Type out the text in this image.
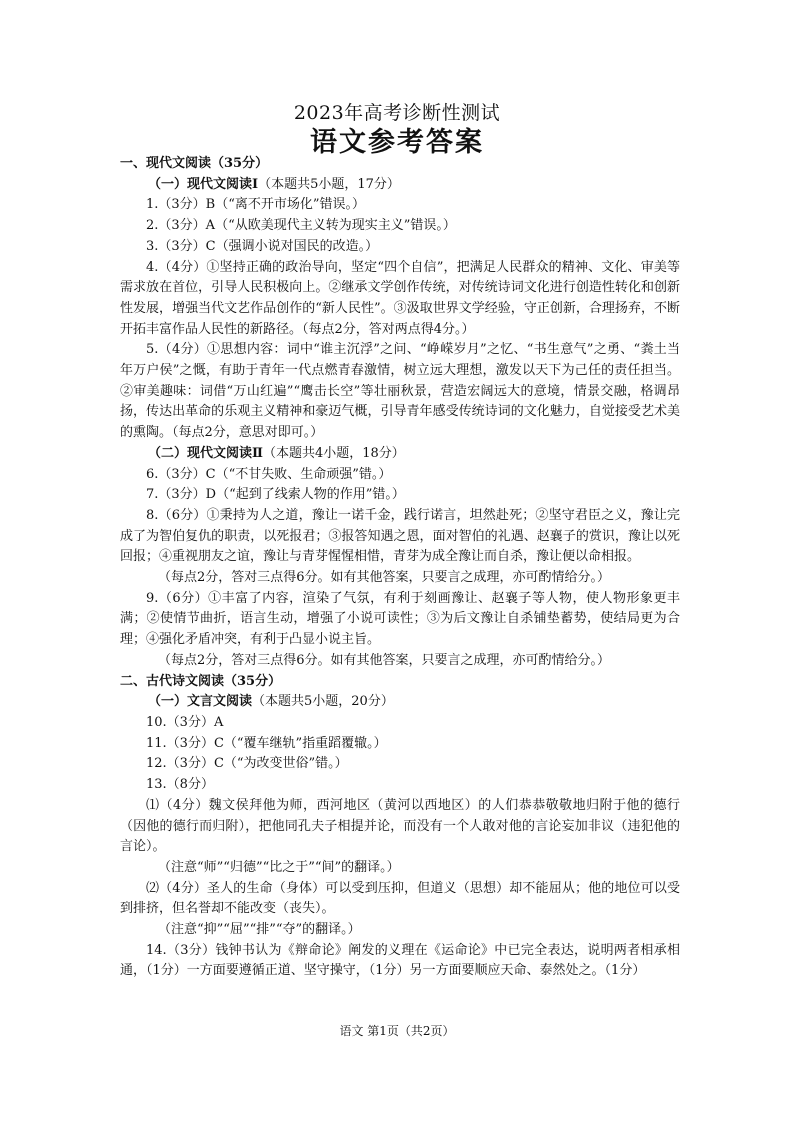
2023年高考诊断性测试
语文参考答案

一、现代文阅读（35分）

（一）现代文阅读Ⅰ（本题共5小题，17分）

1.（3分）B（“离不开市场化”错误。）

2.（3分）A（“从欧美现代主义转为现实主义”错误。）

3.（3分）C（强调小说对国民的改造。）

4.（4分）①坚持正确的政治导向，坚定“四个自信”，把满足人民群众的精神、文化、审美等需求放在首位，引导人民积极向上。②继承文学创作传统，对传统诗词文化进行创造性转化和创新性发展，增强当代文艺作品创作的“新人民性”。③汲取世界文学经验，守正创新，合理扬弃，不断开拓丰富作品人民性的新路径。（每点2分，答对两点得4分。）

5.（4分）①思想内容：词中“谁主沉浮”之问、“峥嵘岁月”之忆、“书生意气”之勇、“粪土当年万户侯”之慨，有助于青年一代点燃青春激情，树立远大理想，激发以天下为己任的责任担当。②审美趣味：词借“万山红遍”“鹰击长空”等壮丽秋景，营造宏阔远大的意境，情景交融，格调昂扬，传达出革命的乐观主义精神和豪迈气概，引导青年感受传统诗词的文化魅力，自觉接受艺术美的熏陶。（每点2分，意思对即可。）

（二）现代文阅读Ⅱ（本题共4小题，18分）

6.（3分）C（“不甘失败、生命顽强”错。）

7.（3分）D（“起到了线索人物的作用”错。）

8.（6分）①秉持为人之道，豫让一诺千金，践行诺言，坦然赴死；②坚守君臣之义，豫让完成了为智伯复仇的职责，以死报君；③报答知遇之恩，面对智伯的礼遇、赵襄子的赏识，豫让以死回报；④重视朋友之谊，豫让与青芽惺惺相惜，青芽为成全豫让而自杀，豫让便以命相报。

（每点2分，答对三点得6分。如有其他答案，只要言之成理，亦可酌情给分。）

9.（6分）①丰富了内容，渲染了气氛，有利于刻画豫让、赵襄子等人物，使人物形象更丰满；②使情节曲折，语言生动，增强了小说可读性；③为后文豫让自杀铺垫蓄势，使结局更为合理；④强化矛盾冲突，有利于凸显小说主旨。

（每点2分，答对三点得6分。如有其他答案，只要言之成理，亦可酌情给分。）

二、古代诗文阅读（35分）

（一）文言文阅读（本题共5小题，20分）

10.（3分）A

11.（3分）C（“覆车继轨”指重蹈覆辙。）

12.（3分）C（“为改变世俗”错。）

13.（8分）

⑴（4分）魏文侯拜他为师，西河地区（黄河以西地区）的人们恭恭敬敬地归附于他的德行（因他的德行而归附），把他同孔夫子相提并论，而没有一个人敢对他的言论妄加非议（违犯他的言论）。

（注意“师”“归德”“比之于”“间”的翻译。）

⑵（4分）圣人的生命（身体）可以受到压抑，但道义（思想）却不能屈从；他的地位可以受到排挤，但名誉却不能改变（丧失）。

（注意“抑”“屈”“排”“夺”的翻译。）

14.（3分）钱钟书认为《辩命论》阐发的义理在《运命论》中已完全表达，说明两者相承相通，（1分）一方面要遵循正道、坚守操守，（1分）另一方面要顺应天命、泰然处之。（1分）

语文 第1页（共2页）
